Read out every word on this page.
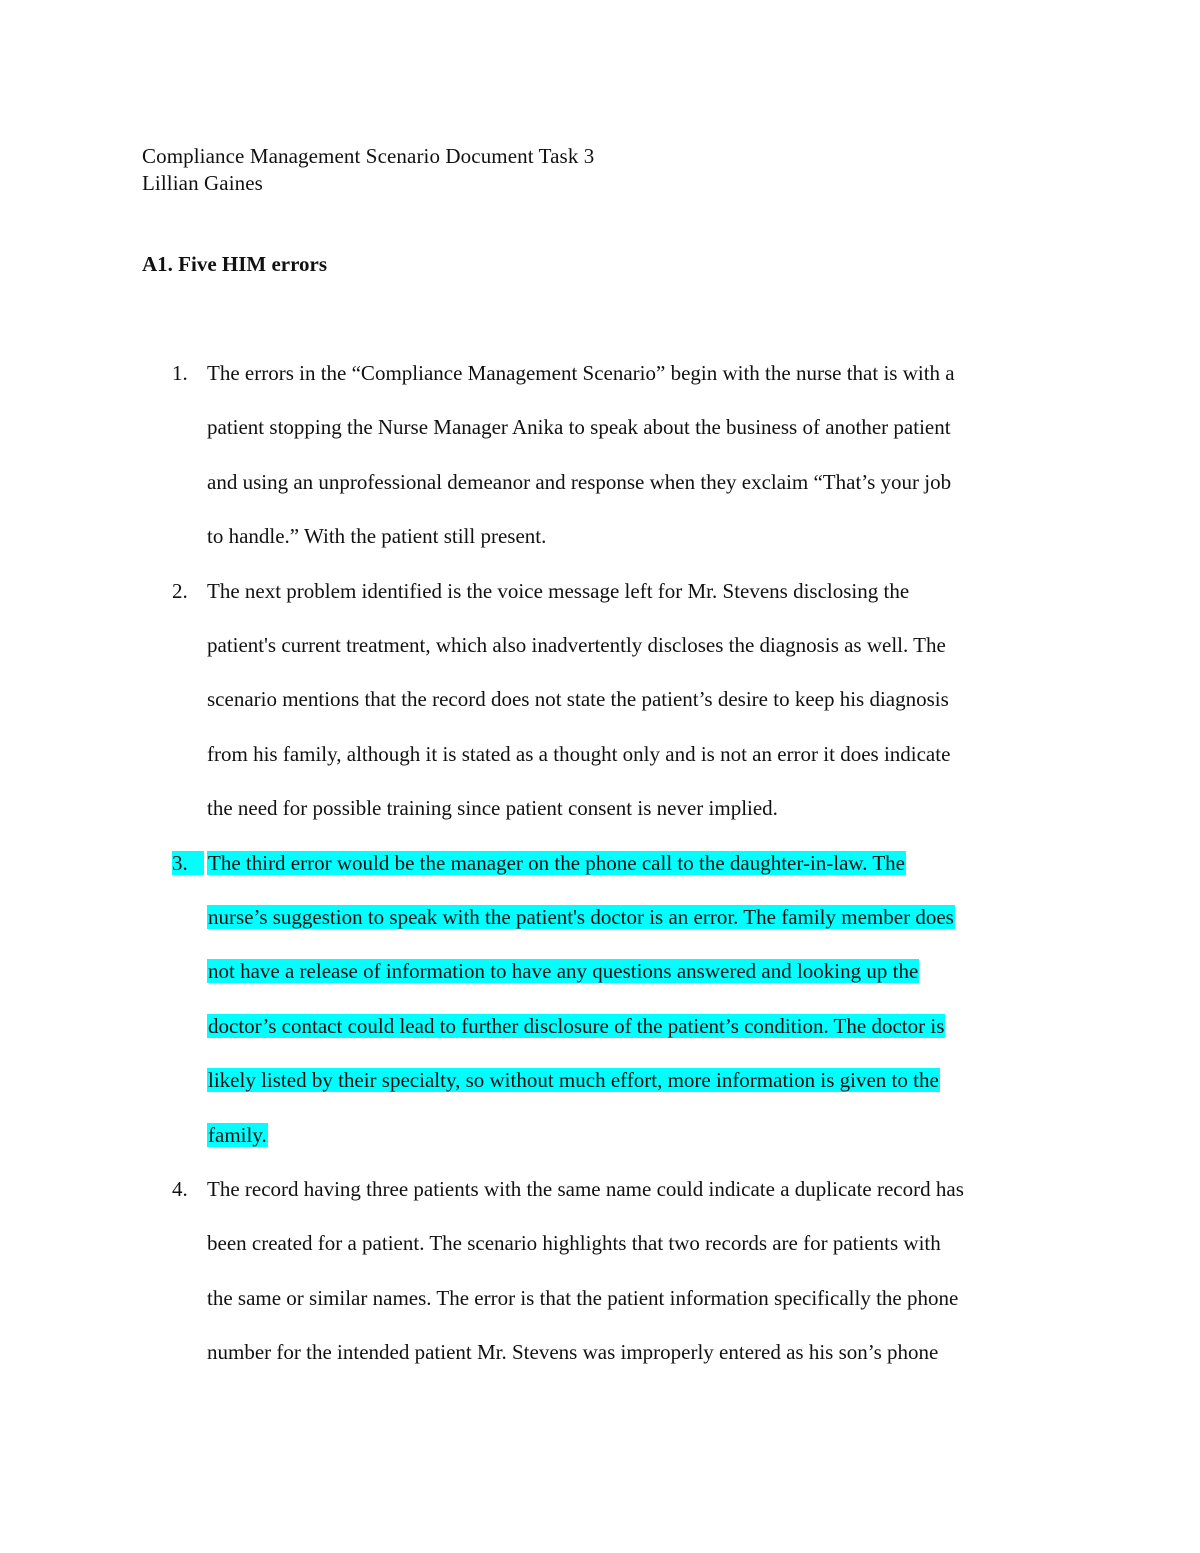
Compliance Management Scenario Document Task 3
Lillian Gaines
A1. Five HIM errors
1. The errors in the “Compliance Management Scenario” begin with the nurse that is with a
patient stopping the Nurse Manager Anika to speak about the business of another patient
and using an unprofessional demeanor and response when they exclaim “That’s your job
to handle.” With the patient still present.
2. The next problem identified is the voice message left for Mr. Stevens disclosing the
patient's current treatment, which also inadvertently discloses the diagnosis as well. The
scenario mentions that the record does not state the patient’s desire to keep his diagnosis
from his family, although it is stated as a thought only and is not an error it does indicate
the need for possible training since patient consent is never implied.
3. The third error would be the manager on the phone call to the daughter-in-law. The
nurse’s suggestion to speak with the patient's doctor is an error. The family member does
not have a release of information to have any questions answered and looking up the
doctor’s contact could lead to further disclosure of the patient’s condition. The doctor is
likely listed by their specialty, so without much effort, more information is given to the
family.
4. The record having three patients with the same name could indicate a duplicate record has
been created for a patient. The scenario highlights that two records are for patients with
the same or similar names. The error is that the patient information specifically the phone
number for the intended patient Mr. Stevens was improperly entered as his son’s phone
